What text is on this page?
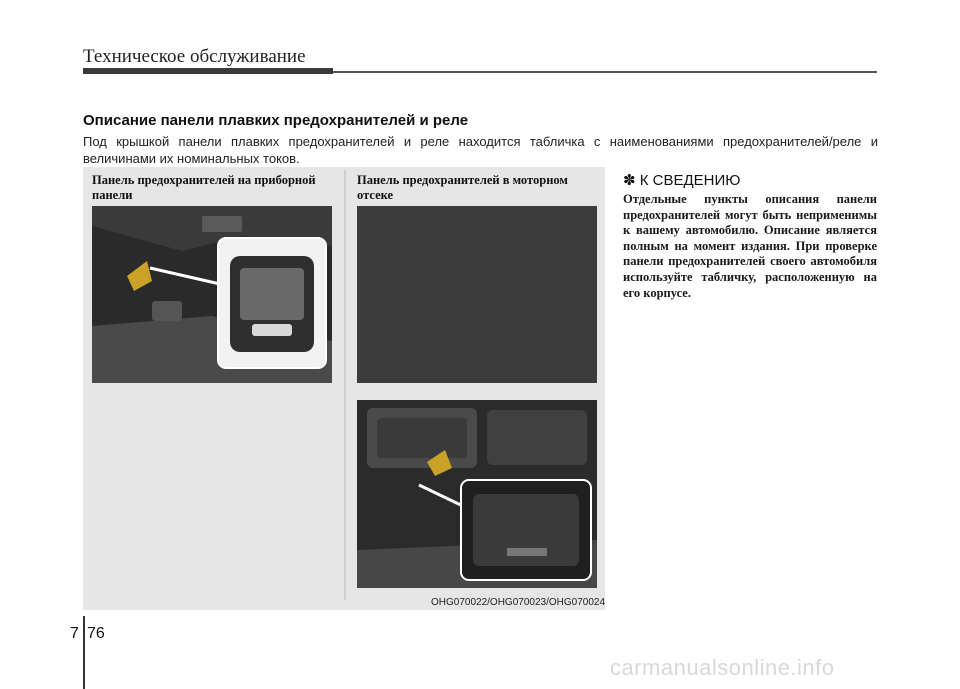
Техническое обслуживание
Описание панели плавких предохранителей и реле
Под крышкой панели плавких предохранителей и реле находится табличка с наименованиями предохранителей/реле и величинами их номинальных токов.
Панель предохранителей на приборной панели
Панель предохранителей в моторном отсеке
OHG070022/OHG070023/OHG070024
✽ К СВЕДЕНИЮ
Отдельные пункты описания панели предохранителей могут быть неприменимы к вашему автомобилю. Описание является полным на момент издания. При проверке панели предохранителей своего автомобиля используйте табличку, расположенную на его корпусе.
7 76
carmanualsonline.info
